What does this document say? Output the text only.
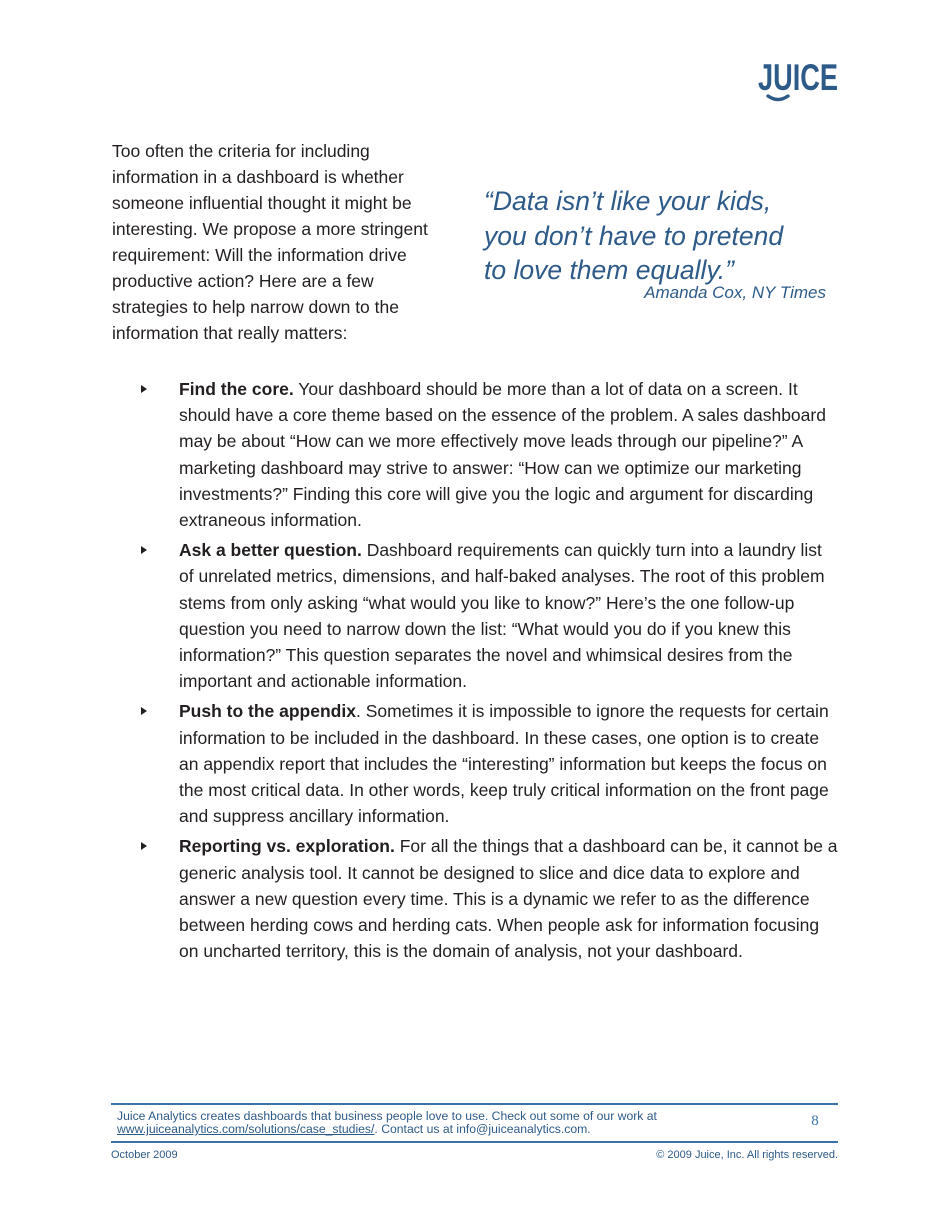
JUICE

Too often the criteria for including information in a dashboard is whether someone influential thought it might be interesting. We propose a more stringent requirement: Will the information drive productive action? Here are a few strategies to help narrow down to the information that really matters:

“Data isn’t like your kids,
you don’t have to pretend
to love them equally.”

Amanda Cox, NY Times
Find the core. Your dashboard should be more than a lot of data on a screen. It should have a core theme based on the essence of the problem. A sales dashboard may be about “How can we more effectively move leads through our pipeline?” A marketing dashboard may strive to answer: “How can we optimize our marketing investments?” Finding this core will give you the logic and argument for discarding extraneous information.
Ask a better question. Dashboard requirements can quickly turn into a laundry list of unrelated metrics, dimensions, and half-baked analyses. The root of this problem stems from only asking “what would you like to know?” Here’s the one follow-up question you need to narrow down the list: “What would you do if you knew this information?” This question separates the novel and whimsical desires from the important and actionable information.
Push to the appendix. Sometimes it is impossible to ignore the requests for certain information to be included in the dashboard. In these cases, one option is to create an appendix report that includes the “interesting” information but keeps the focus on the most critical data. In other words, keep truly critical information on the front page and suppress ancillary information.
Reporting vs. exploration. For all the things that a dashboard can be, it cannot be a generic analysis tool. It cannot be designed to slice and dice data to explore and answer a new question every time. This is a dynamic we refer to as the difference between herding cows and herding cats. When people ask for information focusing on uncharted territory, this is the domain of analysis, not your dashboard.
Juice Analytics creates dashboards that business people love to use. Check out some of our work at
www.juiceanalytics.com/solutions/case_studies/. Contact us at info@juiceanalytics.com.	8
October 2009	© 2009 Juice, Inc. All rights reserved.
